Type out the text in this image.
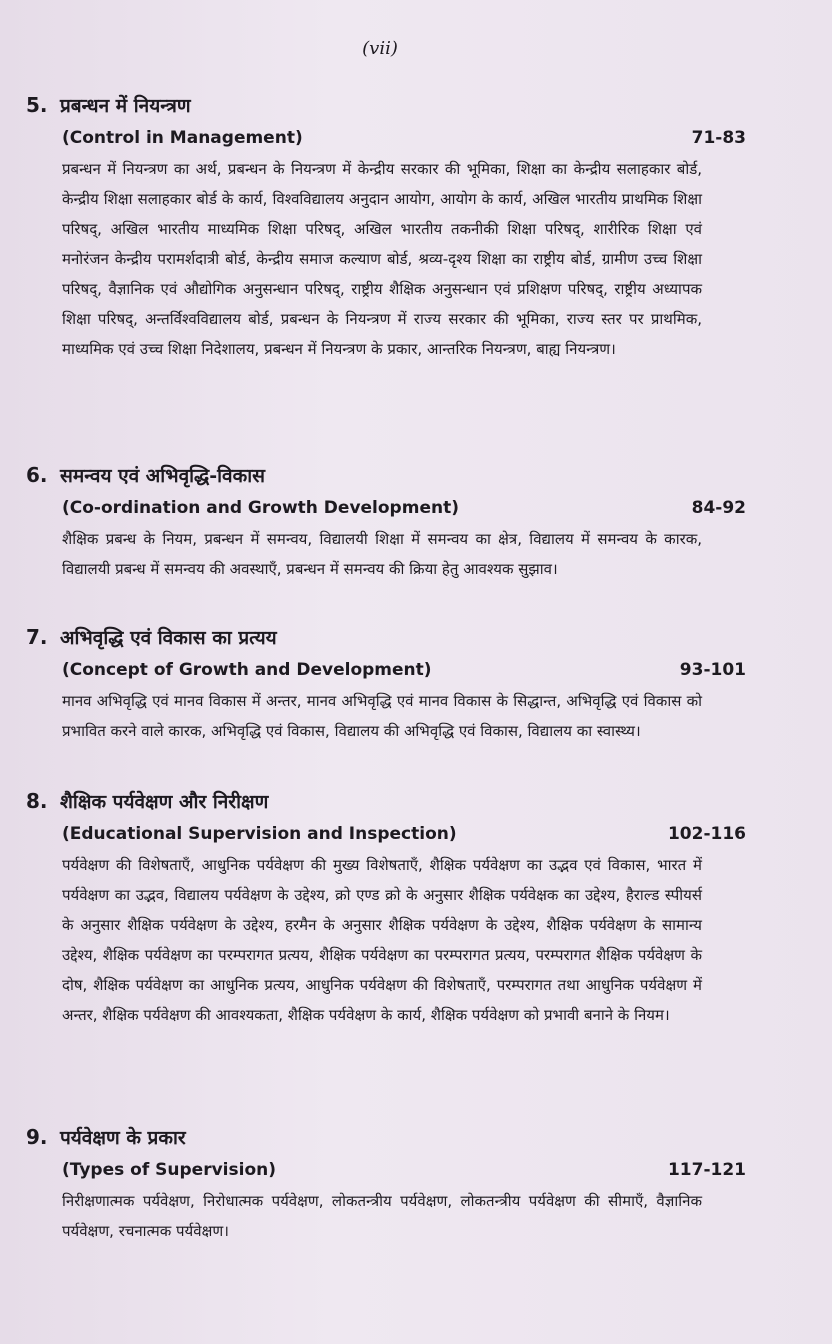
(vii)
5. प्रबन्धन में नियन्त्रण
(Control in Management)	71-83
प्रबन्धन में नियन्त्रण का अर्थ, प्रबन्धन के नियन्त्रण में केन्द्रीय सरकार की भूमिका, शिक्षा का केन्द्रीय सलाहकार बोर्ड, केन्द्रीय शिक्षा सलाहकार बोर्ड के कार्य, विश्वविद्यालय अनुदान आयोग, आयोग के कार्य, अखिल भारतीय प्राथमिक शिक्षा परिषद्, अखिल भारतीय माध्यमिक शिक्षा परिषद्, अखिल भारतीय तकनीकी शिक्षा परिषद्, शारीरिक शिक्षा एवं मनोरंजन केन्द्रीय परामर्शदात्री बोर्ड, केन्द्रीय समाज कल्याण बोर्ड, श्रव्य-दृश्य शिक्षा का राष्ट्रीय बोर्ड, ग्रामीण उच्च शिक्षा परिषद्, वैज्ञानिक एवं औद्योगिक अनुसन्धान परिषद्, राष्ट्रीय शैक्षिक अनुसन्धान एवं प्रशिक्षण परिषद्, राष्ट्रीय अध्यापक शिक्षा परिषद्, अन्तर्विश्वविद्यालय बोर्ड, प्रबन्धन के नियन्त्रण में राज्य सरकार की भूमिका, राज्य स्तर पर प्राथमिक, माध्यमिक एवं उच्च शिक्षा निदेशालय, प्रबन्धन में नियन्त्रण के प्रकार, आन्तरिक नियन्त्रण, बाह्य नियन्त्रण।
6. समन्वय एवं अभिवृद्धि-विकास
(Co-ordination and Growth Development)	84-92
शैक्षिक प्रबन्ध के नियम, प्रबन्धन में समन्वय, विद्यालयी शिक्षा में समन्वय का क्षेत्र, विद्यालय में समन्वय के कारक, विद्यालयी प्रबन्ध में समन्वय की अवस्थाएँ, प्रबन्धन में समन्वय की क्रिया हेतु आवश्यक सुझाव।
7. अभिवृद्धि एवं विकास का प्रत्यय
(Concept of Growth and Development)	93-101
मानव अभिवृद्धि एवं मानव विकास में अन्तर, मानव अभिवृद्धि एवं मानव विकास के सिद्धान्त, अभिवृद्धि एवं विकास को प्रभावित करने वाले कारक, अभिवृद्धि एवं विकास, विद्यालय की अभिवृद्धि एवं विकास, विद्यालय का स्वास्थ्य।
8. शैक्षिक पर्यवेक्षण और निरीक्षण
(Educational Supervision and Inspection)	102-116
पर्यवेक्षण की विशेषताएँ, आधुनिक पर्यवेक्षण की मुख्य विशेषताएँ, शैक्षिक पर्यवेक्षण का उद्भव एवं विकास, भारत में पर्यवेक्षण का उद्भव, विद्यालय पर्यवेक्षण के उद्देश्य, क्रो एण्ड क्रो के अनुसार शैक्षिक पर्यवेक्षक का उद्देश्य, हैराल्ड स्पीयर्स के अनुसार शैक्षिक पर्यवेक्षण के उद्देश्य, हरमैन के अनुसार शैक्षिक पर्यवेक्षण के उद्देश्य, शैक्षिक पर्यवेक्षण के सामान्य उद्देश्य, शैक्षिक पर्यवेक्षण का परम्परागत प्रत्यय, शैक्षिक पर्यवेक्षण का परम्परागत प्रत्यय, परम्परागत शैक्षिक पर्यवेक्षण के दोष, शैक्षिक पर्यवेक्षण का आधुनिक प्रत्यय, आधुनिक पर्यवेक्षण की विशेषताएँ, परम्परागत तथा आधुनिक पर्यवेक्षण में अन्तर, शैक्षिक पर्यवेक्षण की आवश्यकता, शैक्षिक पर्यवेक्षण के कार्य, शैक्षिक पर्यवेक्षण को प्रभावी बनाने के नियम।
9. पर्यवेक्षण के प्रकार
(Types of Supervision)	117-121
निरीक्षणात्मक पर्यवेक्षण, निरोधात्मक पर्यवेक्षण, लोकतन्त्रीय पर्यवेक्षण, लोकतन्त्रीय पर्यवेक्षण की सीमाएँ, वैज्ञानिक पर्यवेक्षण, रचनात्मक पर्यवेक्षण।
